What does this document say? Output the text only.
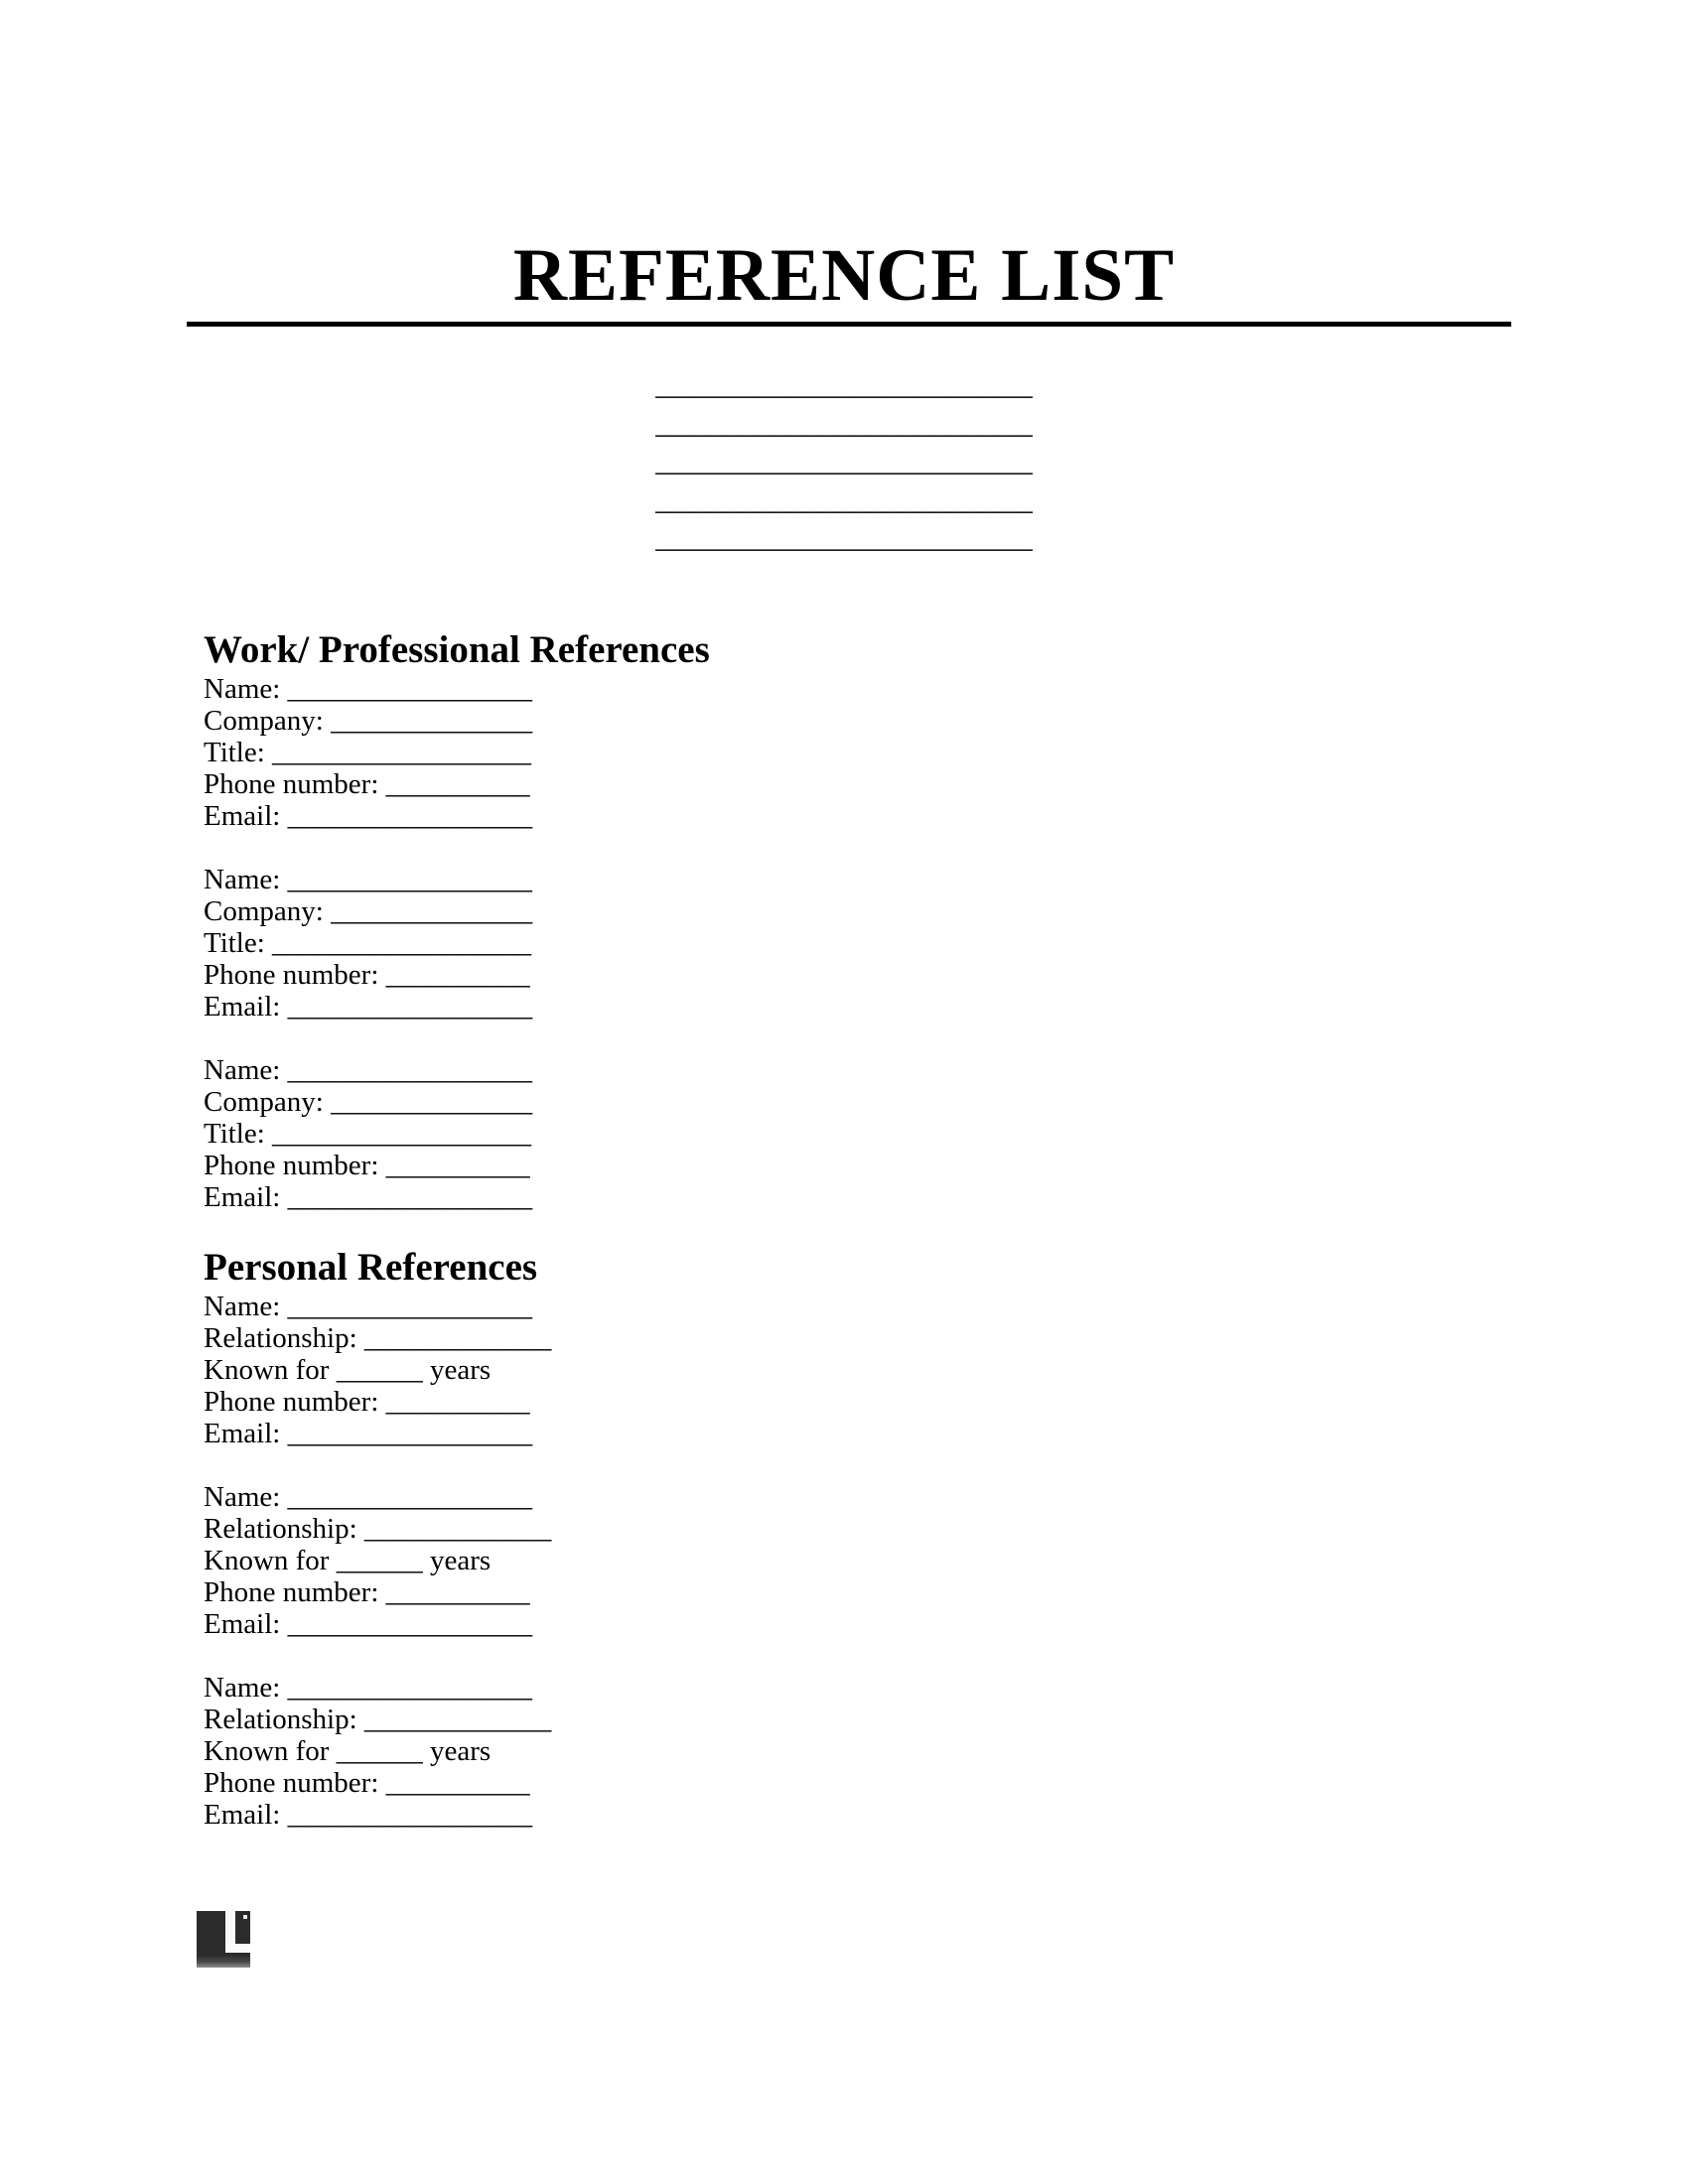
REFERENCE LIST
_______________________
_______________________
_______________________
_______________________
_______________________
Work/ Professional References

Name: _________________

Company: ______________

Title: __________________

Phone number: __________

Email: _________________

Name: _________________

Company: ______________

Title: __________________

Phone number: __________

Email: _________________

Name: _________________

Company: ______________

Title: __________________

Phone number: __________

Email: _________________

Personal References

Name: _________________

Relationship: _____________

Known for ______ years

Phone number: __________

Email: _________________

Name: _________________

Relationship: _____________

Known for ______ years

Phone number: __________

Email: _________________

Name: _________________

Relationship: _____________

Known for ______ years

Phone number: __________

Email: _________________
